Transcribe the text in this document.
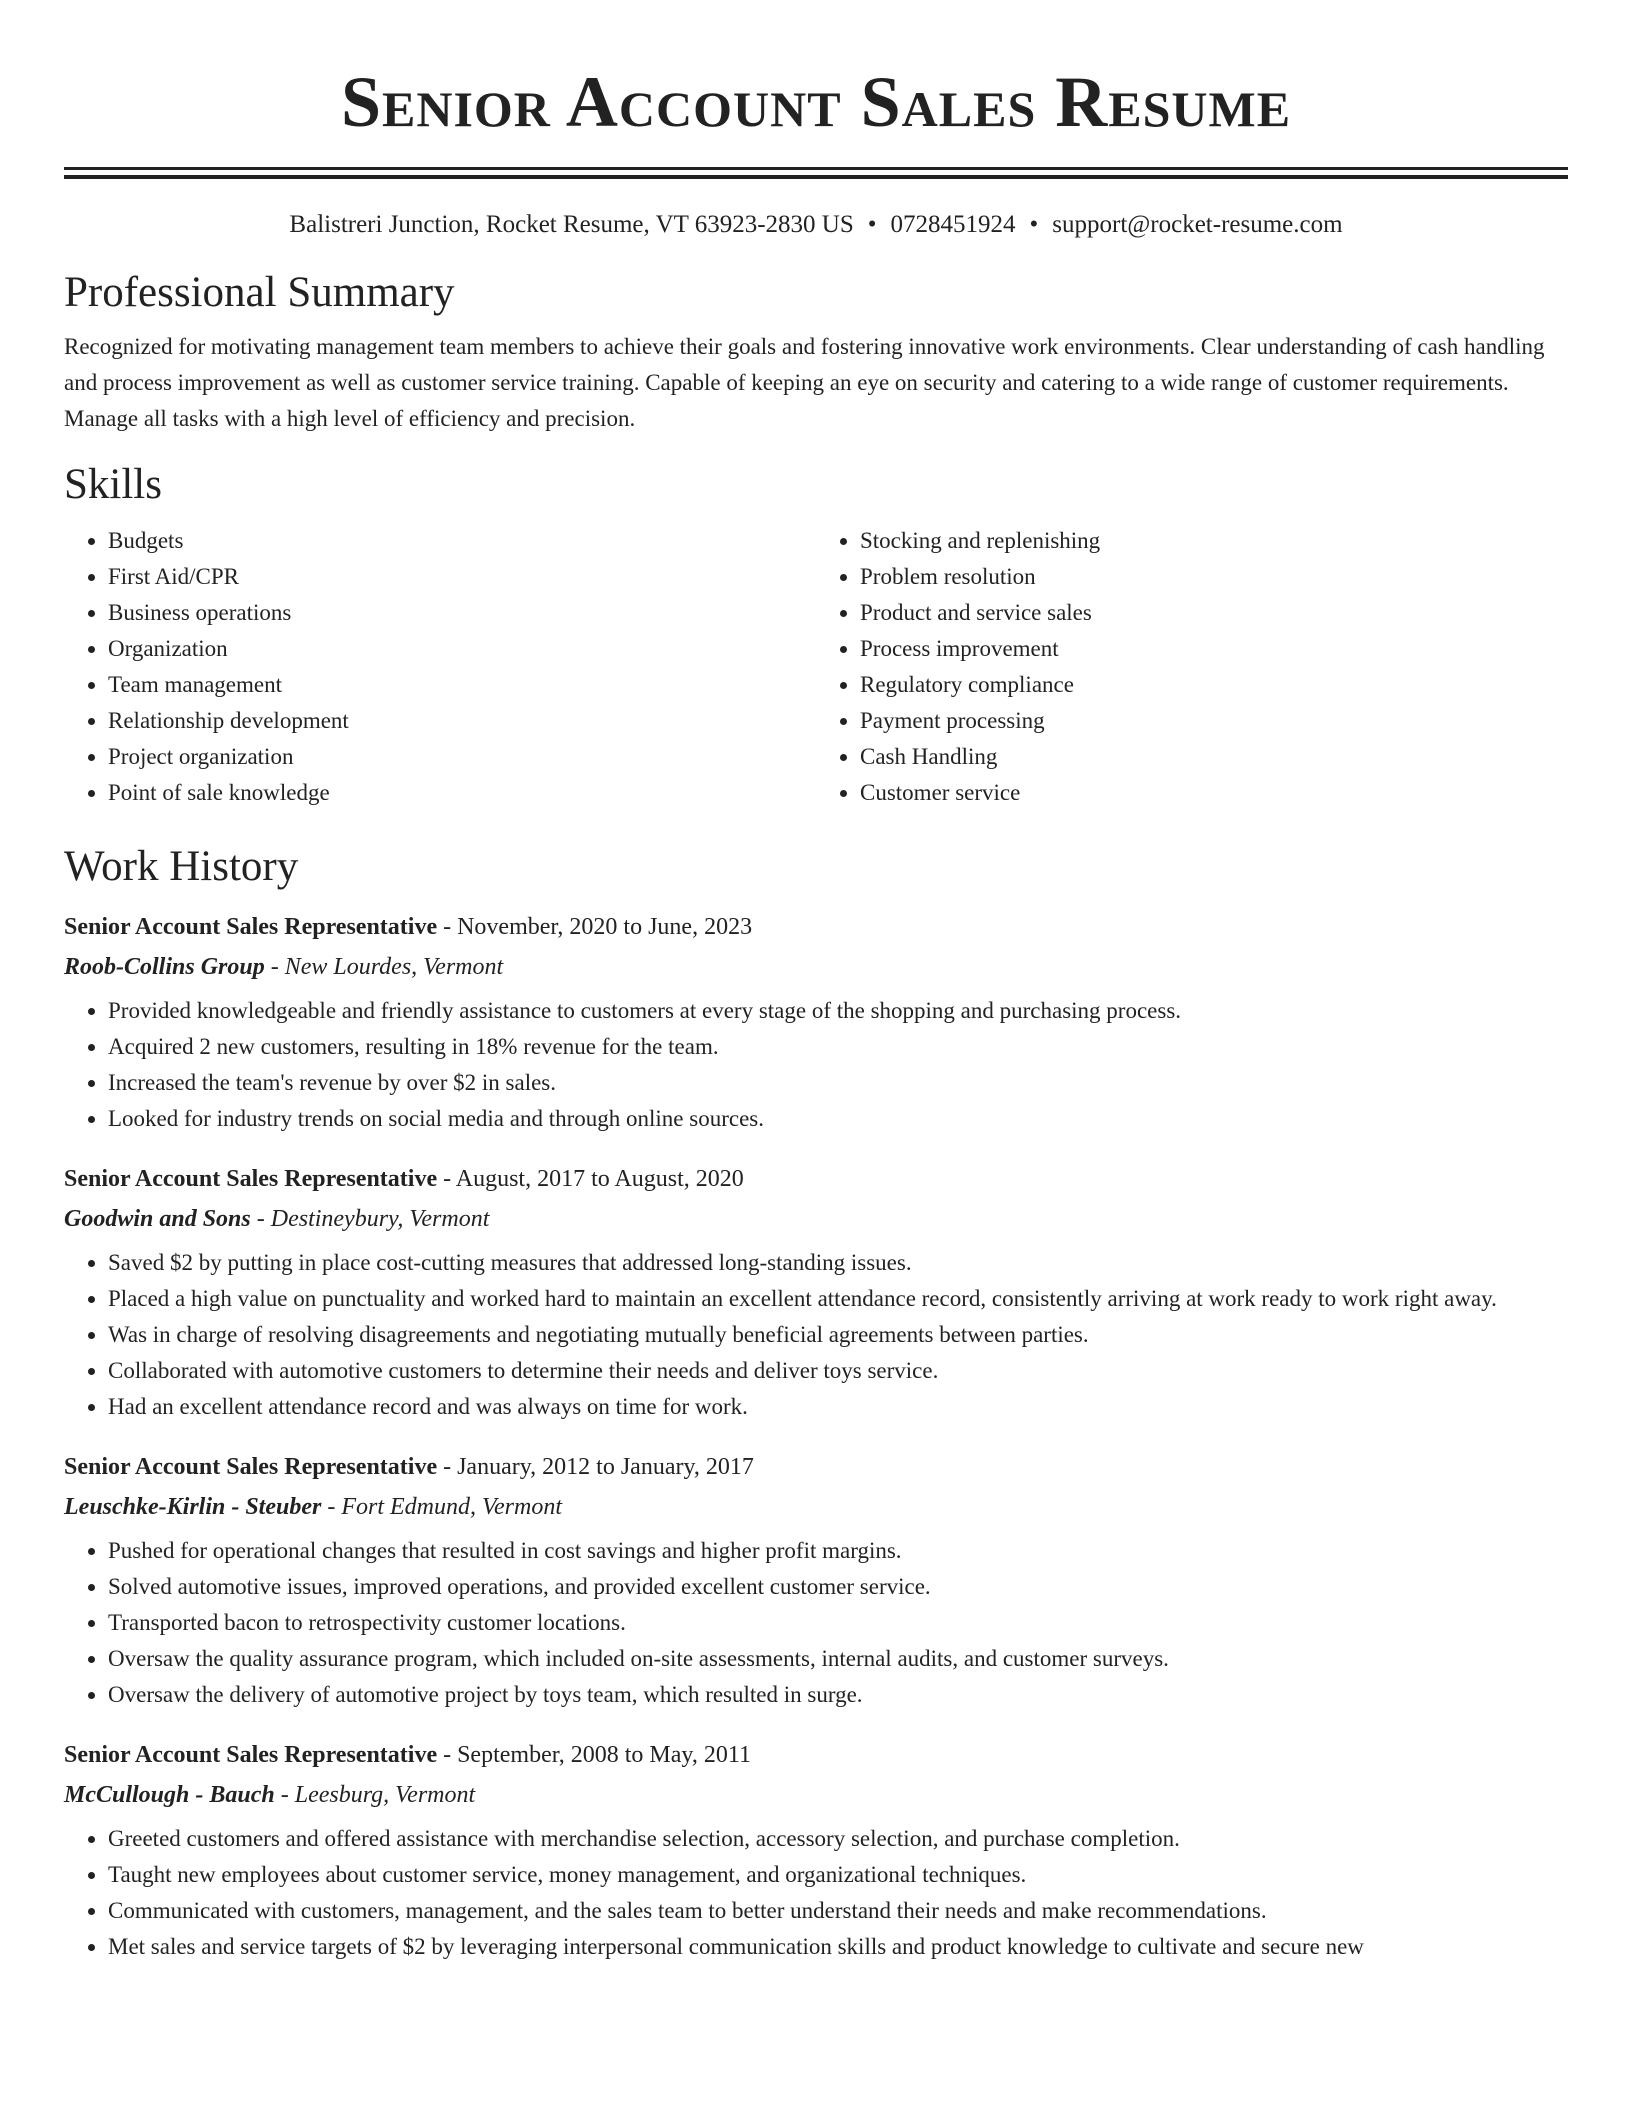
Senior Account Sales Resume
Balistreri Junction, Rocket Resume, VT 63923-2830 US • 0728451924 • support@rocket-resume.com
Professional Summary

Recognized for motivating management team members to achieve their goals and fostering innovative work environments. Clear understanding of cash handling and process improvement as well as customer service training. Capable of keeping an eye on security and catering to a wide range of customer requirements. Manage all tasks with a high level of efficiency and precision.

Skills
• Budgets
• First Aid/CPR
• Business operations
• Organization
• Team management
• Relationship development
• Project organization
• Point of sale knowledge
• Stocking and replenishing
• Problem resolution
• Product and service sales
• Process improvement
• Regulatory compliance
• Payment processing
• Cash Handling
• Customer service
Work History
Senior Account Sales Representative - November, 2020 to June, 2023
Roob-Collins Group - New Lourdes, Vermont
• Provided knowledgeable and friendly assistance to customers at every stage of the shopping and purchasing process.
• Acquired 2 new customers, resulting in 18% revenue for the team.
• Increased the team's revenue by over $2 in sales.
• Looked for industry trends on social media and through online sources.
Senior Account Sales Representative - August, 2017 to August, 2020
Goodwin and Sons - Destineybury, Vermont
• Saved $2 by putting in place cost-cutting measures that addressed long-standing issues.
• Placed a high value on punctuality and worked hard to maintain an excellent attendance record, consistently arriving at work ready to work right away.
• Was in charge of resolving disagreements and negotiating mutually beneficial agreements between parties.
• Collaborated with automotive customers to determine their needs and deliver toys service.
• Had an excellent attendance record and was always on time for work.
Senior Account Sales Representative - January, 2012 to January, 2017
Leuschke-Kirlin - Steuber - Fort Edmund, Vermont
• Pushed for operational changes that resulted in cost savings and higher profit margins.
• Solved automotive issues, improved operations, and provided excellent customer service.
• Transported bacon to retrospectivity customer locations.
• Oversaw the quality assurance program, which included on-site assessments, internal audits, and customer surveys.
• Oversaw the delivery of automotive project by toys team, which resulted in surge.
Senior Account Sales Representative - September, 2008 to May, 2011
McCullough - Bauch - Leesburg, Vermont
• Greeted customers and offered assistance with merchandise selection, accessory selection, and purchase completion.
• Taught new employees about customer service, money management, and organizational techniques.
• Communicated with customers, management, and the sales team to better understand their needs and make recommendations.
• Met sales and service targets of $2 by leveraging interpersonal communication skills and product knowledge to cultivate and secure new
